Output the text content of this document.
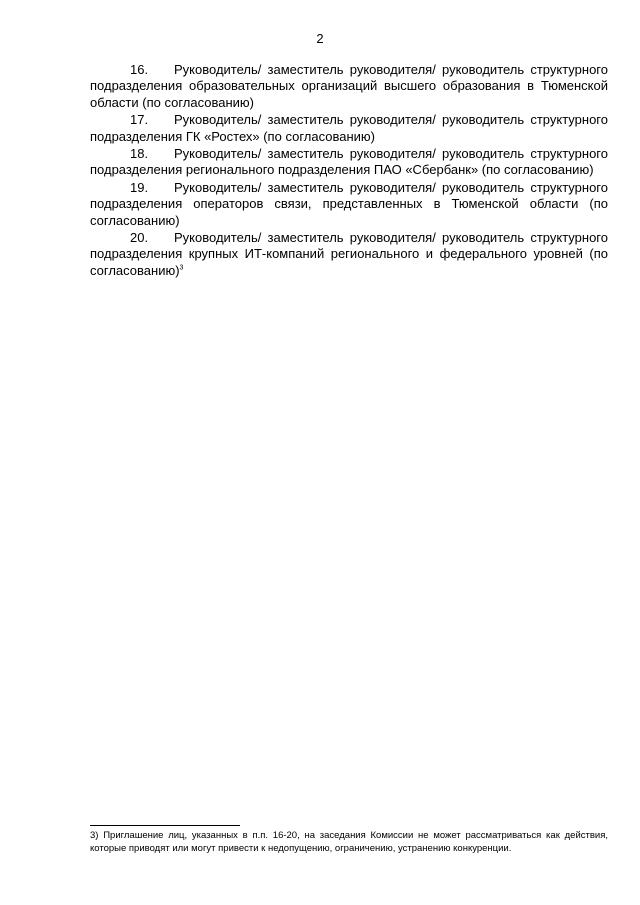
2

16. Руководитель/ заместитель руководителя/ руководитель структурного подразделения образовательных организаций высшего образования в Тюменской области (по согласованию)

17. Руководитель/ заместитель руководителя/ руководитель структурного подразделения ГК «Ростех» (по согласованию)

18. Руководитель/ заместитель руководителя/ руководитель структурного подразделения регионального подразделения ПАО «Сбербанк» (по согласованию)

19. Руководитель/ заместитель руководителя/ руководитель структурного подразделения операторов связи, представленных в Тюменской области (по согласованию)

20. Руководитель/ заместитель руководителя/ руководитель структурного подразделения крупных ИТ-компаний регионального и федерального уровней (по согласованию)$^3$

3) Приглашение лиц, указанных в п.п. 16-20, на заседания Комиссии не может рассматриваться как действия, которые приводят или могут привести к недопущению, ограничению, устранению конкуренции.
